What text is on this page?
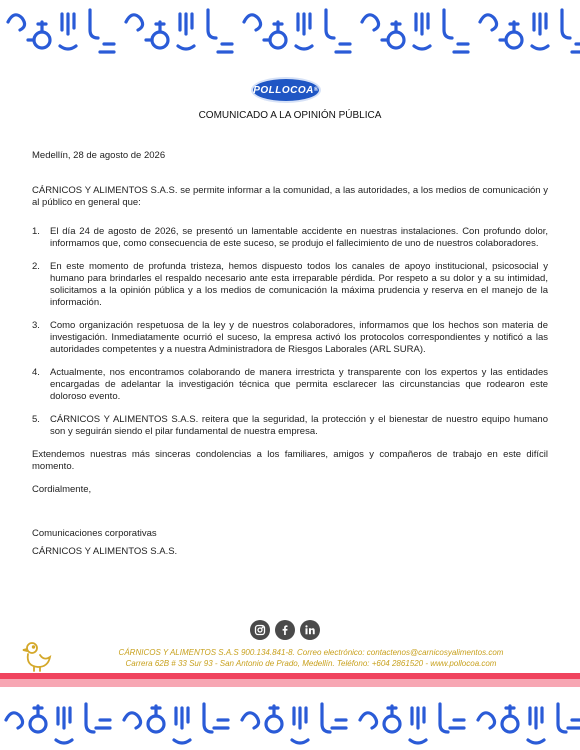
POLLOCOA ®
COMUNICADO A LA OPINIÓN PÚBLICA

Medellín, 28 de agosto de 2026

CÁRNICOS Y ALIMENTOS S.A.S. se permite informar a la comunidad, a las autoridades, a los medios de comunicación y al público en general que:

1.	El día 24 de agosto de 2026, se presentó un lamentable accidente en nuestras instalaciones. Con profundo dolor, informamos que, como consecuencia de este suceso, se produjo el fallecimiento de uno de nuestros colaboradores.
2.	En este momento de profunda tristeza, hemos dispuesto todos los canales de apoyo institucional, psicosocial y humano para brindarles el respaldo necesario ante esta irreparable pérdida. Por respeto a su dolor y a su intimidad, solicitamos a la opinión pública y a los medios de comunicación la máxima prudencia y reserva en el manejo de la información.
3.	Como organización respetuosa de la ley y de nuestros colaboradores, informamos que los hechos son materia de investigación. Inmediatamente ocurrió el suceso, la empresa activó los protocolos correspondientes y notificó a las autoridades competentes y a nuestra Administradora de Riesgos Laborales (ARL SURA).
4.	Actualmente, nos encontramos colaborando de manera irrestricta y transparente con los expertos y las entidades encargadas de adelantar la investigación técnica que permita esclarecer las circunstancias que rodearon este doloroso evento.
5.	CÁRNICOS Y ALIMENTOS S.A.S. reitera que la seguridad, la protección y el bienestar de nuestro equipo humano son y seguirán siendo el pilar fundamental de nuestra empresa.

Extendemos nuestras más sinceras condolencias a los familiares, amigos y compañeros de trabajo en este difícil momento.

Cordialmente,

Comunicaciones corporativas

CÁRNICOS Y ALIMENTOS S.A.S.

CÁRNICOS Y ALIMENTOS S.A.S 900.134.841-8. Correo electrónico: contactenos@carnicosyalimentos.com
Carrera 62B # 33 Sur 93 - San Antonio de Prado, Medellín. Teléfono: +604 2861520 - www.pollocoa.com
